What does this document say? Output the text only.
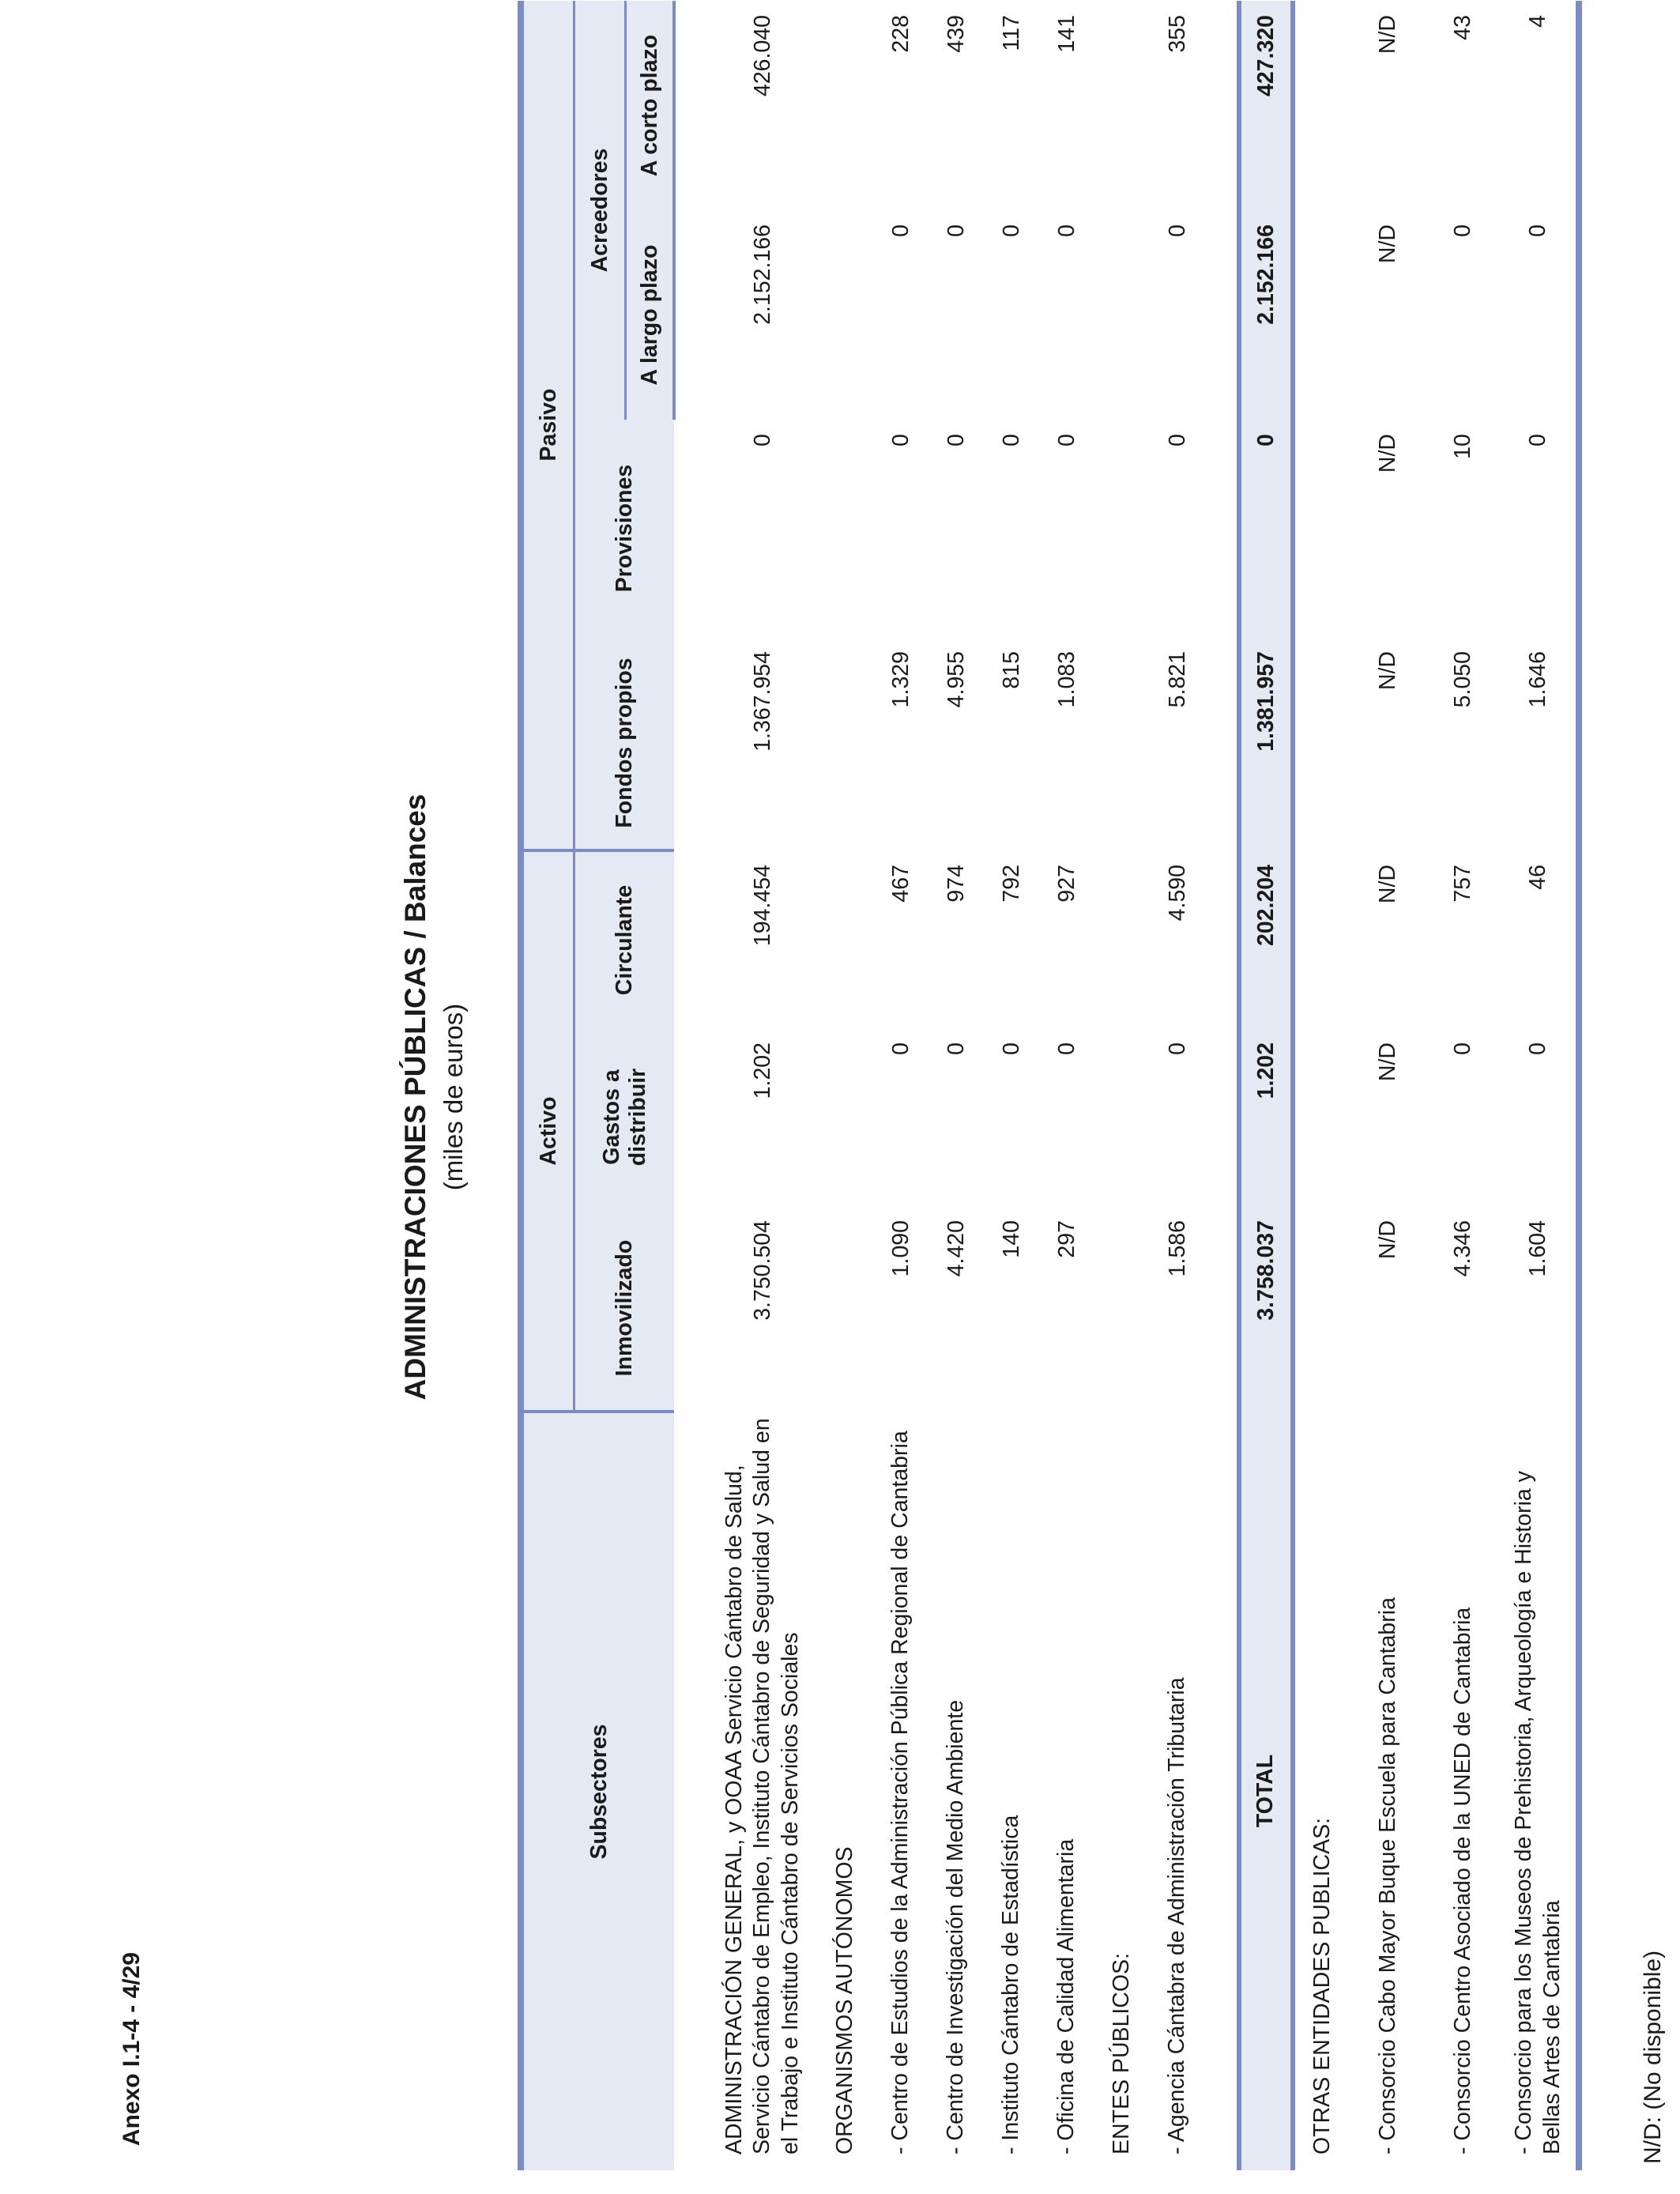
Anexo I.1-4 - 4/29
ADMINISTRACIONES PÚBLICAS / Balances (miles de euros)
Subsectores	Activo			Pasivo			
	Inmovilizado	Gastos a distribuir	Circulante	Fondos propios	Provisiones	Acreedores	
						A largo plazo	A corto plazo

ADMINISTRACIÓN GENERAL, y OOAA Servicio Cántabro de Salud, Servicio Cántabro de Empleo, Instituto Cántabro de Seguridad y Salud en el Trabajo e Instituto Cántabro de Servicios Sociales	3.750.504	1.202	194.454	1.367.954	0	2.152.166	426.040
ORGANISMOS AUTÓNOMOS							
- Centro de Estudios de la Administración Pública Regional de Cantabria	1.090	0	467	1.329	0	0	228
- Centro de Investigación del Medio Ambiente	4.420	0	974	4.955	0	0	439
- Instituto Cántabro de Estadística	140	0	792	815	0	0	117
- Oficina de Calidad Alimentaria	297	0	927	1.083	0	0	141
ENTES PÚBLICOS:							
- Agencia Cántabra de Administración Tributaria	1.586	0	4.590	5.821	0	0	355

TOTAL	3.758.037	1.202	202.204	1.381.957	0	2.152.166	427.320
OTRAS ENTIDADES PUBLICAS:							
- Consorcio Cabo Mayor Buque Escuela para Cantabria	N/D	N/D	N/D	N/D	N/D	N/D	N/D
- Consorcio Centro Asociado de la UNED de Cantabria	4.346	0	757	5.050	10	0	43
- Consorcio para los Museos de Prehistoria, Arqueología e Historia y Bellas Artes de Cantabria	1.604	0	46	1.646	0	0	4
N/D: (No disponible)
